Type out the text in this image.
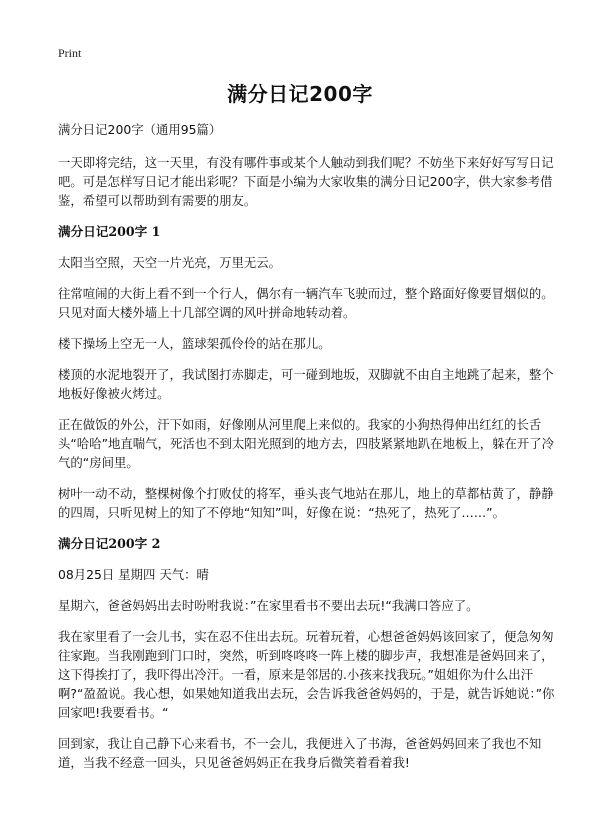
Print
满分日记200字

满分日记200字（通用95篇）

一天即将完结，这一天里，有没有哪件事或某个人触动到我们呢？不妨坐下来好好写写日记吧。可是怎样写日记才能出彩呢？下面是小编为大家收集的满分日记200字，供大家参考借鉴，希望可以帮助到有需要的朋友。

满分日记200字 1

太阳当空照，天空一片光亮，万里无云。

往常喧闹的大街上看不到一个行人，偶尔有一辆汽车飞驶而过，整个路面好像要冒烟似的。只见对面大楼外墙上十几部空调的风叶拼命地转动着。

楼下操场上空无一人，篮球架孤伶伶的站在那儿。

楼顶的水泥地裂开了，我试图打赤脚走，可一碰到地坂，双脚就不由自主地跳了起来，整个地板好像被火烤过。

正在做饭的外公，汗下如雨，好像刚从河里爬上来似的。我家的小狗热得伸出红红的长舌头“哈哈”地直喘气，死活也不到太阳光照到的地方去，四肢紧紧地趴在地板上，躲在开了冷气的“房间里。

树叶一动不动，整棵树像个打败仗的将军，垂头丧气地站在那儿，地上的草都枯黄了，静静的四周，只听见树上的知了不停地“知知”叫，好像在说：“热死了，热死了……”。

满分日记200字 2

08月25日 星期四 天气：晴

星期六，爸爸妈妈出去时吩咐我说：”在家里看书不要出去玩!“我满口答应了。

我在家里看了一会儿书，实在忍不住出去玩。玩着玩着，心想爸爸妈妈该回家了，便急匆匆往家跑。当我刚跑到门口时，突然，听到咚咚咚一阵上楼的脚步声，我想准是爸妈回来了，这下得挨打了，我吓得出冷汗。一看，原来是邻居的.小孩来找我玩。”姐姐你为什么出汗啊?“盈盈说。我心想，如果她知道我出去玩，会告诉我爸爸妈妈的，于是，就告诉她说：”你回家吧!我要看书。“

回到家，我让自己静下心来看书，不一会儿，我便进入了书海，爸爸妈妈回来了我也不知道，当我不经意一回头，只见爸爸妈妈正在我身后微笑着看着我!
